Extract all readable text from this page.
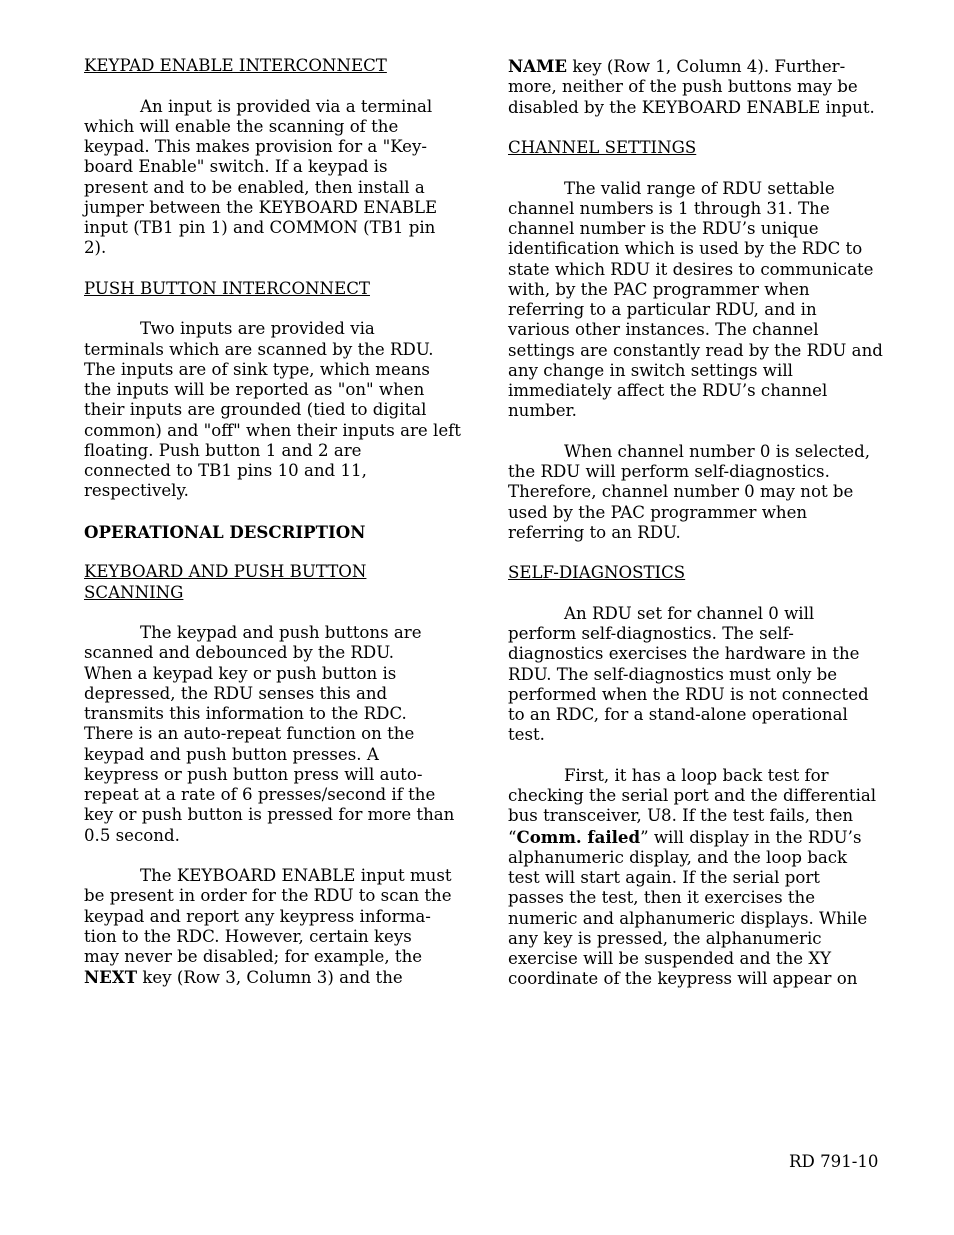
KEYPAD ENABLE INTERCONNECT

An input is provided via a terminal
which will enable the scanning of the
keypad. This makes provision for a "Key-
board Enable" switch. If a keypad is
present and to be enabled, then install a
jumper between the KEYBOARD ENABLE
input (TB1 pin 1) and COMMON (TB1 pin
2).

PUSH BUTTON INTERCONNECT

Two inputs are provided via
terminals which are scanned by the RDU.
The inputs are of sink type, which means
the inputs will be reported as "on" when
their inputs are grounded (tied to digital
common) and "off" when their inputs are left
floating. Push button 1 and 2 are
connected to TB1 pins 10 and 11,
respectively.

OPERATIONAL DESCRIPTION

KEYBOARD AND PUSH BUTTON
SCANNING

The keypad and push buttons are
scanned and debounced by the RDU.
When a keypad key or push button is
depressed, the RDU senses this and
transmits this information to the RDC.
There is an auto-repeat function on the
keypad and push button presses. A
keypress or push button press will auto-
repeat at a rate of 6 presses/second if the
key or push button is pressed for more than
0.5 second.

The KEYBOARD ENABLE input must
be present in order for the RDU to scan the
keypad and report any keypress informa-
tion to the RDC. However, certain keys
may never be disabled; for example, the
NEXT key (Row 3, Column 3) and the

NAME key (Row 1, Column 4). Further-
more, neither of the push buttons may be
disabled by the KEYBOARD ENABLE input.

CHANNEL SETTINGS

The valid range of RDU settable
channel numbers is 1 through 31. The
channel number is the RDU’s unique
identification which is used by the RDC to
state which RDU it desires to communicate
with, by the PAC programmer when
referring to a particular RDU, and in
various other instances. The channel
settings are constantly read by the RDU and
any change in switch settings will
immediately affect the RDU’s channel
number.

When channel number 0 is selected,
the RDU will perform self-diagnostics.
Therefore, channel number 0 may not be
used by the PAC programmer when
referring to an RDU.

SELF-DIAGNOSTICS

An RDU set for channel 0 will
perform self-diagnostics. The self-
diagnostics exercises the hardware in the
RDU. The self-diagnostics must only be
performed when the RDU is not connected
to an RDC, for a stand-alone operational
test.

First, it has a loop back test for
checking the serial port and the differential
bus transceiver, U8. If the test fails, then
“Comm. failed” will display in the RDU’s
alphanumeric display, and the loop back
test will start again. If the serial port
passes the test, then it exercises the
numeric and alphanumeric displays. While
any key is pressed, the alphanumeric
exercise will be suspended and the XY
coordinate of the keypress will appear on

RD 791-10
